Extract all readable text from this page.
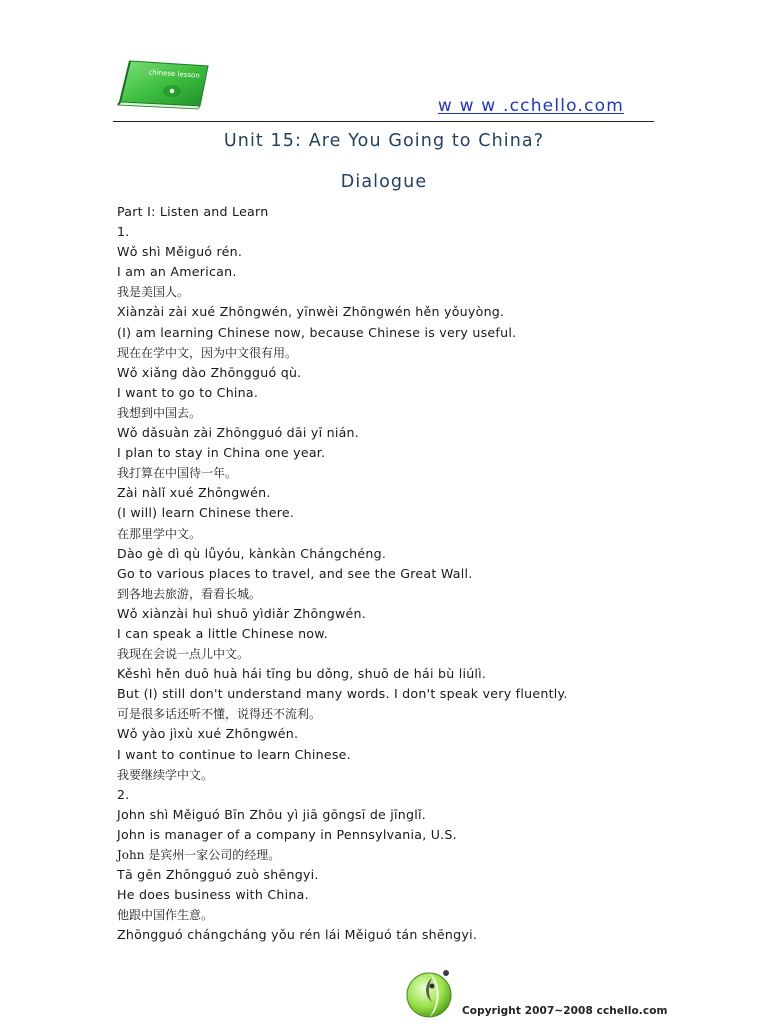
chinese lesson
w w w .cchello.com
Unit 15: Are You Going to China?
Dialogue
Part I: Listen and Learn
1.
Wǒ shì Měiguó rén.
I am an American.
我是美国人。
Xiànzài zài xué Zhōngwén, yīnwèi Zhōngwén hěn yǒuyòng.
(I) am learning Chinese now, because Chinese is very useful.
现在在学中文，因为中文很有用。
Wǒ xiǎng dào Zhōngguó qù.
I want to go to China.
我想到中国去。
Wǒ dǎsuàn zài Zhōngguó dāi yī nián.
I plan to stay in China one year.
我打算在中国待一年。
Zài nàlǐ xué Zhōngwén.
(I will) learn Chinese there.
在那里学中文。
Dào gè dì qù lǚyóu, kànkàn Chángchéng.
Go to various places to travel, and see the Great Wall.
到各地去旅游，看看长城。
Wǒ xiànzài huì shuō yìdiǎr Zhōngwén.
I can speak a little Chinese now.
我现在会说一点儿中文。
Kěshì hěn duō huà hái tīng bu dǒng, shuō de hái bù liúlì.
But (I) still don't understand many words. I don't speak very fluently.
可是很多话还听不懂，说得还不流利。
Wǒ yào jìxù xué Zhōngwén.
I want to continue to learn Chinese.
我要继续学中文。
2.
John shì Měiguó Bīn Zhōu yì jiā gōngsī de jīnglǐ.
John is manager of a company in Pennsylvania, U.S.
John 是宾州一家公司的经理。
Tā gēn Zhōngguó zuò shēngyi.
He does business with China.
他跟中国作生意。
Zhōngguó chángcháng yǒu rén lái Měiguó tán shēngyi.
Copyright 2007~2008 cchello.com
